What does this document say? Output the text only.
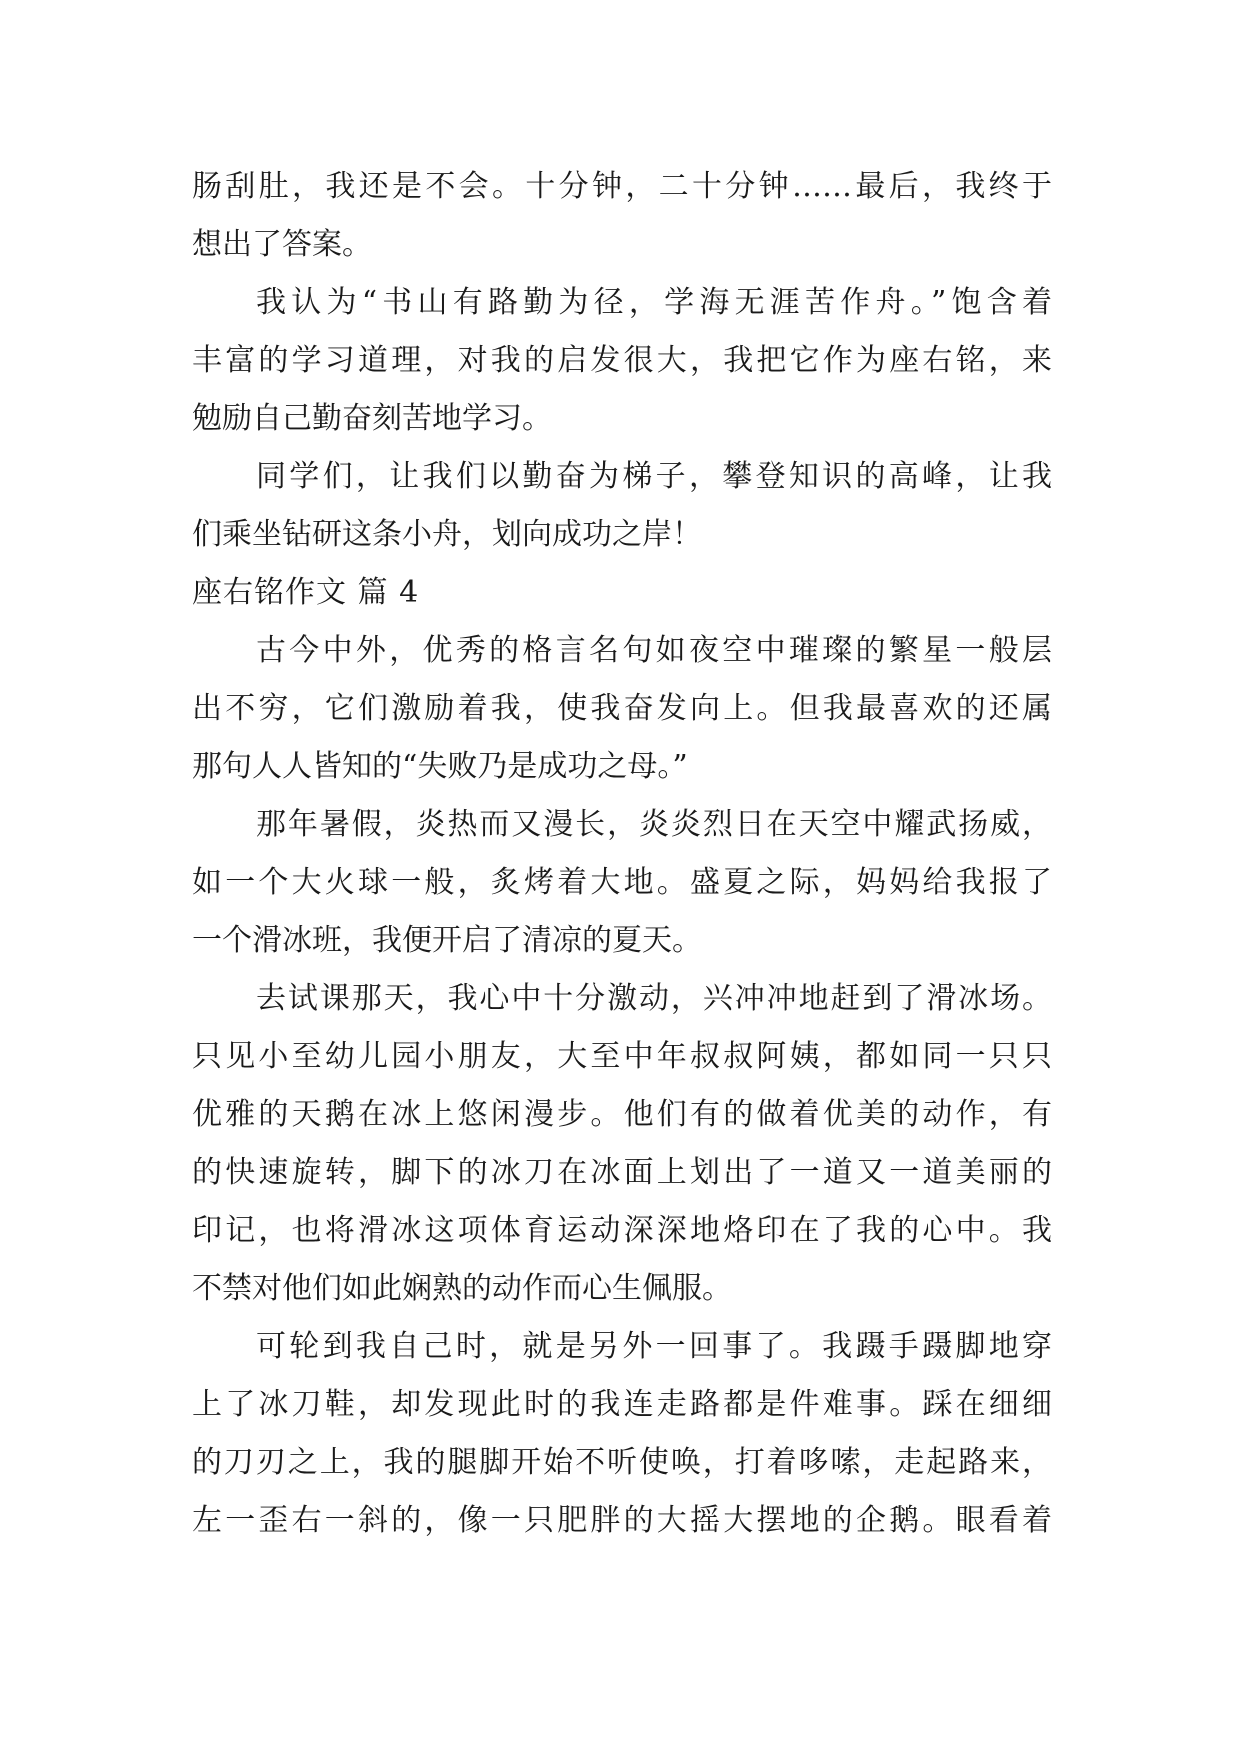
肠刮肚，我还是不会。十分钟，二十分钟……最后，我终于
想出了答案。
我认为“书山有路勤为径，学海无涯苦作舟。”饱含着
丰富的学习道理，对我的启发很大，我把它作为座右铭，来
勉励自己勤奋刻苦地学习。
同学们，让我们以勤奋为梯子，攀登知识的高峰，让我
们乘坐钻研这条小舟，划向成功之岸！
座右铭作文 篇 4
古今中外，优秀的格言名句如夜空中璀璨的繁星一般层
出不穷，它们激励着我，使我奋发向上。但我最喜欢的还属
那句人人皆知的“失败乃是成功之母。”
那年暑假，炎热而又漫长，炎炎烈日在天空中耀武扬威，
如一个大火球一般，炙烤着大地。盛夏之际，妈妈给我报了
一个滑冰班，我便开启了清凉的夏天。
去试课那天，我心中十分激动，兴冲冲地赶到了滑冰场。
只见小至幼儿园小朋友，大至中年叔叔阿姨，都如同一只只
优雅的天鹅在冰上悠闲漫步。他们有的做着优美的动作，有
的快速旋转，脚下的冰刀在冰面上划出了一道又一道美丽的
印记，也将滑冰这项体育运动深深地烙印在了我的心中。我
不禁对他们如此娴熟的动作而心生佩服。
可轮到我自己时，就是另外一回事了。我蹑手蹑脚地穿
上了冰刀鞋，却发现此时的我连走路都是件难事。踩在细细
的刀刃之上，我的腿脚开始不听使唤，打着哆嗦，走起路来，
左一歪右一斜的，像一只肥胖的大摇大摆地的企鹅。眼看着
